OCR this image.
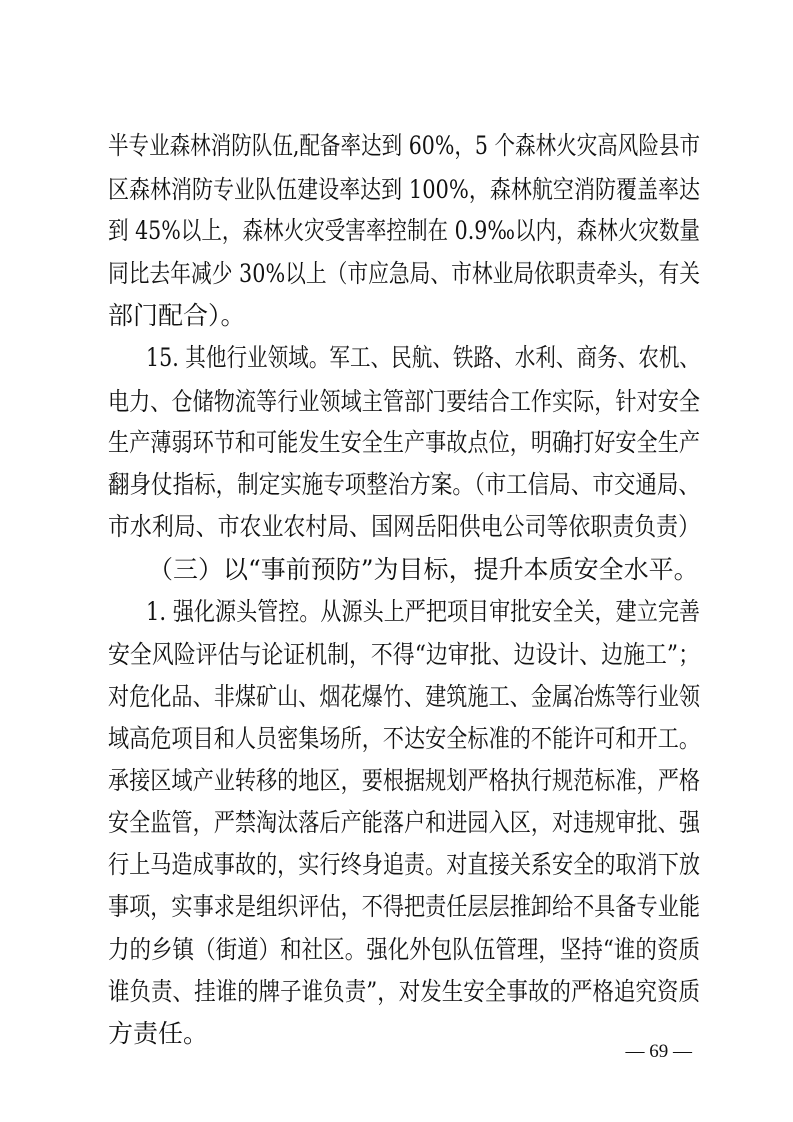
半专业森林消防队伍,配备率达到 60%，5 个森林火灾高风险县市
区森林消防专业队伍建设率达到 100%，森林航空消防覆盖率达
到 45%以上，森林火灾受害率控制在 0.9‰以内，森林火灾数量
同比去年减少 30%以上（市应急局、市林业局依职责牵头，有关
部门配合）。
15. 其他行业领域。军工、民航、铁路、水利、商务、农机、
电力、仓储物流等行业领域主管部门要结合工作实际，针对安全
生产薄弱环节和可能发生安全生产事故点位，明确打好安全生产
翻身仗指标，制定实施专项整治方案。（市工信局、市交通局、
市水利局、市农业农村局、国网岳阳供电公司等依职责负责）
（三）以“事前预防”为目标，提升本质安全水平。
1. 强化源头管控。从源头上严把项目审批安全关，建立完善
安全风险评估与论证机制，不得“边审批、边设计、边施工”；
对危化品、非煤矿山、烟花爆竹、建筑施工、金属冶炼等行业领
域高危项目和人员密集场所，不达安全标准的不能许可和开工。
承接区域产业转移的地区，要根据规划严格执行规范标准，严格
安全监管，严禁淘汰落后产能落户和进园入区，对违规审批、强
行上马造成事故的，实行终身追责。对直接关系安全的取消下放
事项，实事求是组织评估，不得把责任层层推卸给不具备专业能
力的乡镇（街道）和社区。强化外包队伍管理，坚持“谁的资质
谁负责、挂谁的牌子谁负责”，对发生安全事故的严格追究资质
方责任。
— 69 —
